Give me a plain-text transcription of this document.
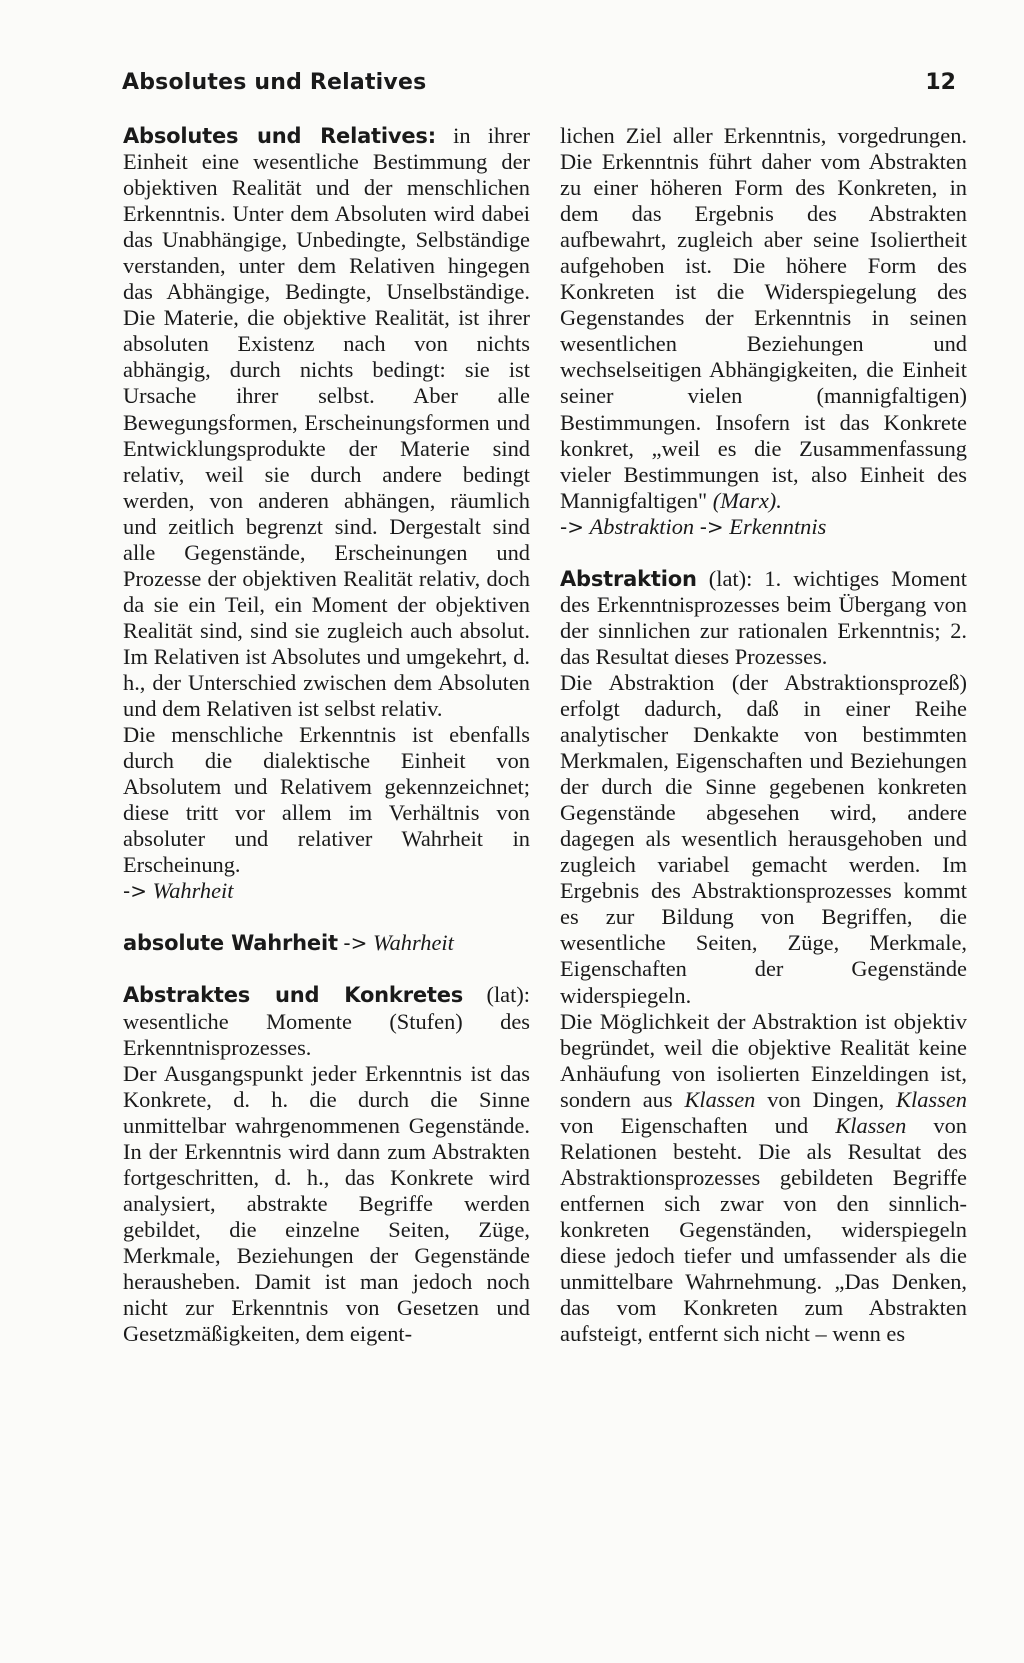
Absolutes und Relatives	12

Absolutes und Relatives: in ihrer Einheit eine wesentliche Bestimmung der objektiven Realität und der menschlichen Erkenntnis. Unter dem Absoluten wird dabei das Unabhängige, Unbedingte, Selbständige verstanden, unter dem Relativen hingegen das Abhängige, Bedingte, Unselbständige. Die Materie, die objektive Realität, ist ihrer absoluten Existenz nach von nichts abhängig, durch nichts bedingt: sie ist Ursache ihrer selbst. Aber alle Bewegungsformen, Erscheinungsformen und Entwicklungsprodukte der Materie sind relativ, weil sie durch andere bedingt werden, von anderen abhängen, räumlich und zeitlich begrenzt sind. Dergestalt sind alle Gegenstände, Erscheinungen und Prozesse der objektiven Realität relativ, doch da sie ein Teil, ein Moment der objektiven Realität sind, sind sie zugleich auch absolut. Im Relativen ist Absolutes und umgekehrt, d. h., der Unterschied zwischen dem Absoluten und dem Relativen ist selbst relativ.

Die menschliche Erkenntnis ist ebenfalls durch die dialektische Einheit von Absolutem und Relativem gekennzeichnet; diese tritt vor allem im Verhältnis von absoluter und relativer Wahrheit in Erscheinung.

-> Wahrheit

absolute Wahrheit -> Wahrheit

Abstraktes und Konkretes (lat): wesentliche Momente (Stufen) des Erkenntnisprozesses.

Der Ausgangspunkt jeder Erkenntnis ist das Konkrete, d. h. die durch die Sinne unmittelbar wahrgenommenen Gegenstände. In der Erkenntnis wird dann zum Abstrakten fortgeschritten, d. h., das Konkrete wird analysiert, abstrakte Begriffe werden gebildet, die einzelne Seiten, Züge, Merkmale, Beziehungen der Gegenstände herausheben. Damit ist man jedoch noch nicht zur Erkenntnis von Gesetzen und Gesetzmäßigkeiten, dem eigent-

lichen Ziel aller Erkenntnis, vorgedrungen. Die Erkenntnis führt daher vom Abstrakten zu einer höheren Form des Konkreten, in dem das Ergebnis des Abstrakten aufbewahrt, zugleich aber seine Isoliertheit aufgehoben ist. Die höhere Form des Konkreten ist die Widerspiegelung des Gegenstandes der Erkenntnis in seinen wesentlichen Beziehungen und wechselseitigen Abhängigkeiten, die Einheit seiner vielen (mannigfaltigen) Bestimmungen. Insofern ist das Konkrete konkret, „weil es die Zusammenfassung vieler Bestimmungen ist, also Einheit des Mannigfaltigen" (Marx).

-> Abstraktion -> Erkenntnis

Abstraktion (lat): 1. wichtiges Moment des Erkenntnisprozesses beim Übergang von der sinnlichen zur rationalen Erkenntnis; 2. das Resultat dieses Prozesses.

Die Abstraktion (der Abstraktionsprozeß) erfolgt dadurch, daß in einer Reihe analytischer Denkakte von bestimmten Merkmalen, Eigenschaften und Beziehungen der durch die Sinne gegebenen konkreten Gegenstände abgesehen wird, andere dagegen als wesentlich herausgehoben und zugleich variabel gemacht werden. Im Ergebnis des Abstraktionsprozesses kommt es zur Bildung von Begriffen, die wesentliche Seiten, Züge, Merkmale, Eigenschaften der Gegenstände widerspiegeln.

Die Möglichkeit der Abstraktion ist objektiv begründet, weil die objektive Realität keine Anhäufung von isolierten Einzeldingen ist, sondern aus Klassen von Dingen, Klassen von Eigenschaften und Klassen von Relationen besteht. Die als Resultat des Abstraktionsprozesses gebildeten Begriffe entfernen sich zwar von den sinnlich-konkreten Gegenständen, widerspiegeln diese jedoch tiefer und umfassender als die unmittelbare Wahrnehmung. „Das Denken, das vom Konkreten zum Abstrakten aufsteigt, entfernt sich nicht – wenn es
